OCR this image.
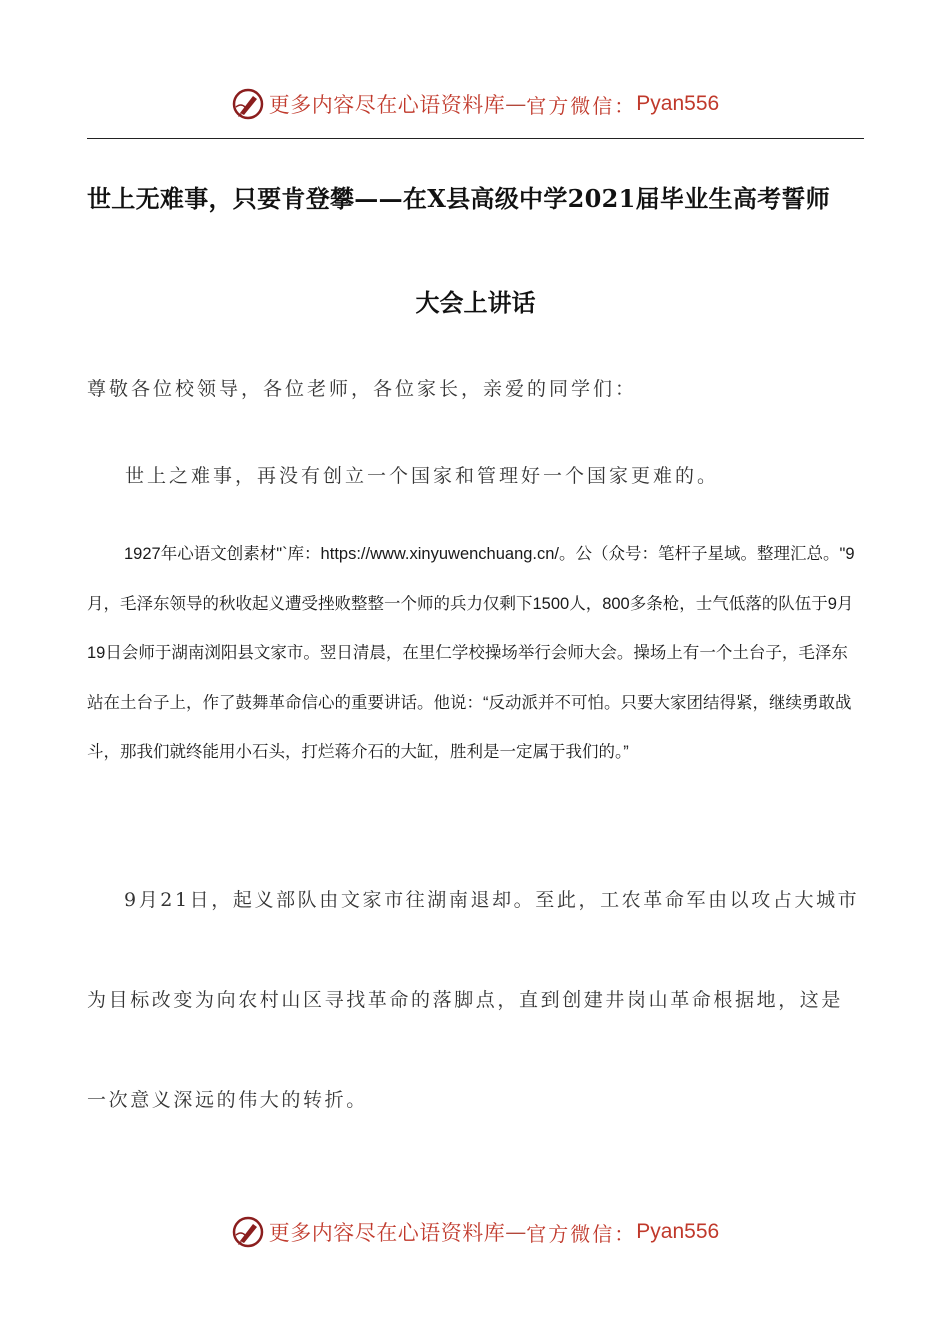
更多内容尽在心语资料库 — 官方微信： Pyan556
世上无难事，只要肯登攀——在X县高级中学2021届毕业生高考誓师
大会上讲话

尊敬各位校领导，各位老师，各位家长，亲爱的同学们：

世上之难事，再没有创立一个国家和管理好一个国家更难的。

1927年心语文创素材"`库：https://www.xinyuwenchuang.cn/。公（众号：笔杆子星域。整理汇总。"9月，毛泽东领导的秋收起义遭受挫败整整一个师的兵力仅剩下1500人，800多条枪，士气低落的队伍于9月19日会师于湖南浏阳县文家市。翌日清晨，在里仁学校操场举行会师大会。操场上有一个土台子，毛泽东站在土台子上，作了鼓舞革命信心的重要讲话。他说：“反动派并不可怕。只要大家团结得紧，继续勇敢战斗，那我们就终能用小石头，打烂蒋介石的大缸，胜利是一定属于我们的。”

9月21日，起义部队由文家市往湖南退却。至此，工农革命军由以攻占大城市为目标改变为向农村山区寻找革命的落脚点，直到创建井岗山革命根据地，这是一次意义深远的伟大的转折。

更多内容尽在心语资料库 — 官方微信： Pyan556
